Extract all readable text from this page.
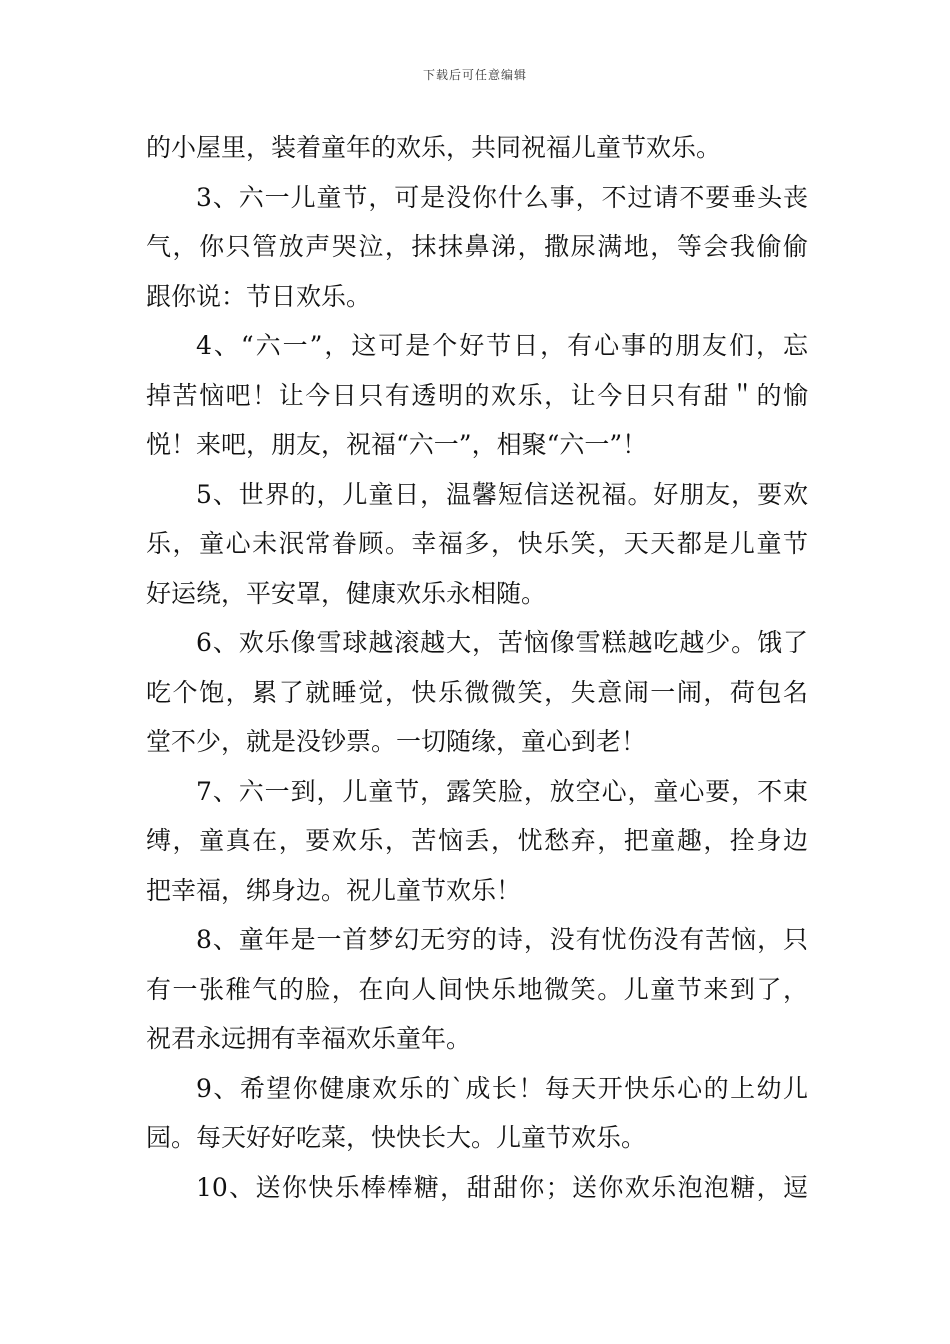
下载后可任意编辑
的小屋里，装着童年的欢乐，共同祝福儿童节欢乐。
3、六一儿童节，可是没你什么事，不过请不要垂头丧
气，你只管放声哭泣，抹抹鼻涕，撒尿满地，等会我偷偷
跟你说：节日欢乐。
4、“六一”，这可是个好节日，有心事的朋友们，忘
掉苦恼吧！让今日只有透明的欢乐，让今日只有甜＂的愉
悦！来吧，朋友，祝福“六一”，相聚“六一”！
5、世界的，儿童日，温馨短信送祝福。好朋友，要欢
乐，童心未泯常眷顾。幸福多，快乐笑，天天都是儿童节
好运绕，平安罩，健康欢乐永相随。
6、欢乐像雪球越滚越大，苦恼像雪糕越吃越少。饿了
吃个饱，累了就睡觉，快乐微微笑，失意闹一闹，荷包名
堂不少，就是没钞票。一切随缘，童心到老！
7、六一到，儿童节，露笑脸，放空心，童心要，不束
缚，童真在，要欢乐，苦恼丢，忧愁弃，把童趣，拴身边
把幸福，绑身边。祝儿童节欢乐！
8、童年是一首梦幻无穷的诗，没有忧伤没有苦恼，只
有一张稚气的脸，在向人间快乐地微笑。儿童节来到了，
祝君永远拥有幸福欢乐童年。
9、希望你健康欢乐的`成长！每天开快乐心的上幼儿
园。每天好好吃菜，快快长大。儿童节欢乐。
10、送你快乐棒棒糖，甜甜你；送你欢乐泡泡糖，逗
